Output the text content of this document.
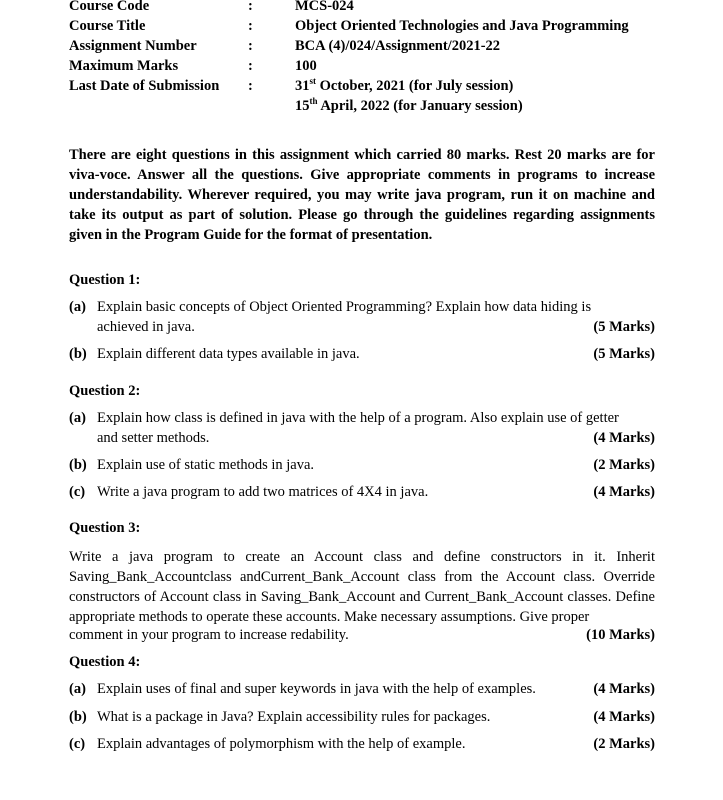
Course Code	:	MCS-024
Course Title	:	Object Oriented Technologies and Java Programming
Assignment Number	:	BCA (4)/024/Assignment/2021-22
Maximum Marks	:	100
Last Date of Submission :	31st October, 2021 (for July session)
15th April, 2022 (for January session)
There are eight questions in this assignment which carried 80 marks. Rest 20 marks are for viva-voce. Answer all the questions. Give appropriate comments in programs to increase understandability. Wherever required, you may write java program, run it on machine and take its output as part of solution. Please go through the guidelines regarding assignments given in the Program Guide for the format of presentation.
Question 1:
(a) Explain basic concepts of Object Oriented Programming? Explain how data hiding is
achieved in java.	(5 Marks)
(b) Explain different data types available in java.	(5 Marks)
Question 2:
(a) Explain how class is defined in java with the help of a program. Also explain use of getter
and setter methods.	(4 Marks)
(b) Explain use of static methods in java.	(2 Marks)
(c) Write a java program to add two matrices of 4X4 in java.	(4 Marks)
Question 3:
Write a java program to create an Account class and define constructors in it. Inherit Saving_Bank_Accountclass andCurrent_Bank_Account class from the Account class. Override constructors of Account class in Saving_Bank_Account and Current_Bank_Account classes. Define appropriate methods to operate these accounts. Make necessary assumptions. Give proper
comment in your program to increase redability.	(10 Marks)
Question 4:
(a) Explain uses of final and super keywords in java with the help of examples.	(4 Marks)
(b) What is a package in Java? Explain accessibility rules for packages.	(4 Marks)
(c) Explain advantages of polymorphism with the help of example.	(2 Marks)
